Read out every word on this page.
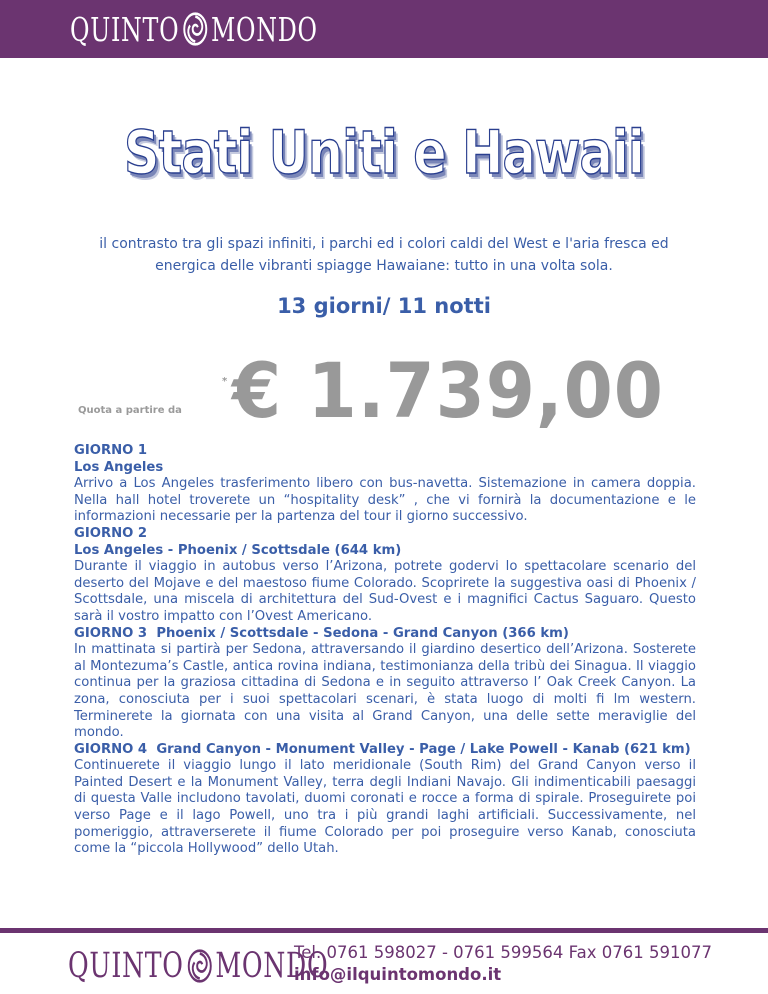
QUINTO MONDO
Stati Uniti e Hawaii
il contrasto tra gli spazi infiniti, i parchi ed i colori caldi del West e l'aria fresca ed energica delle vibranti spiagge Hawaiane: tutto in una volta sola.
13 giorni/ 11 notti
Quota a partire da
* € 1.739,00

GIORNO 1

Los Angeles

Arrivo a Los Angeles trasferimento libero con bus-navetta. Sistemazione in camera doppia. Nella hall hotel troverete un “hospitality desk” , che vi fornirà la documentazione e le informazioni necessarie per la partenza del tour il giorno successivo.

GIORNO 2

Los Angeles - Phoenix / Scottsdale (644 km)

Durante il viaggio in autobus verso l’Arizona, potrete godervi lo spettacolare scenario del deserto del Mojave e del maestoso fiume Colorado. Scoprirete la suggestiva oasi di Phoenix / Scottsdale, una miscela di architettura del Sud-Ovest e i magnifici Cactus Saguaro. Questo sarà il vostro impatto con l’Ovest Americano.

GIORNO 3 Phoenix / Scottsdale - Sedona - Grand Canyon (366 km)

In mattinata si partirà per Sedona, attraversando il giardino desertico dell’Arizona. Sosterete al Montezuma’s Castle, antica rovina indiana, testimonianza della tribù dei Sinagua. Il viaggio continua per la graziosa cittadina di Sedona e in seguito attraverso l’ Oak Creek Canyon. La zona, conosciuta per i suoi spettacolari scenari, è stata luogo di molti fi lm western. Terminerete la giornata con una visita al Grand Canyon, una delle sette meraviglie del mondo.

GIORNO 4 Grand Canyon - Monument Valley - Page / Lake Powell - Kanab (621 km)

Continuerete il viaggio lungo il lato meridionale (South Rim) del Grand Canyon verso il Painted Desert e la Monument Valley, terra degli Indiani Navajo. Gli indimenticabili paesaggi di questa Valle includono tavolati, duomi coronati e rocce a forma di spirale. Proseguirete poi verso Page e il lago Powell, uno tra i più grandi laghi artificiali. Successivamente, nel pomeriggio, attraverserete il fiume Colorado per poi proseguire verso Kanab, conosciuta come la “piccola Hollywood” dello Utah.

QUINTO MONDO
Tel. 0761 598027 - 0761 599564 Fax 0761 591077
info@ilquintomondo.it
